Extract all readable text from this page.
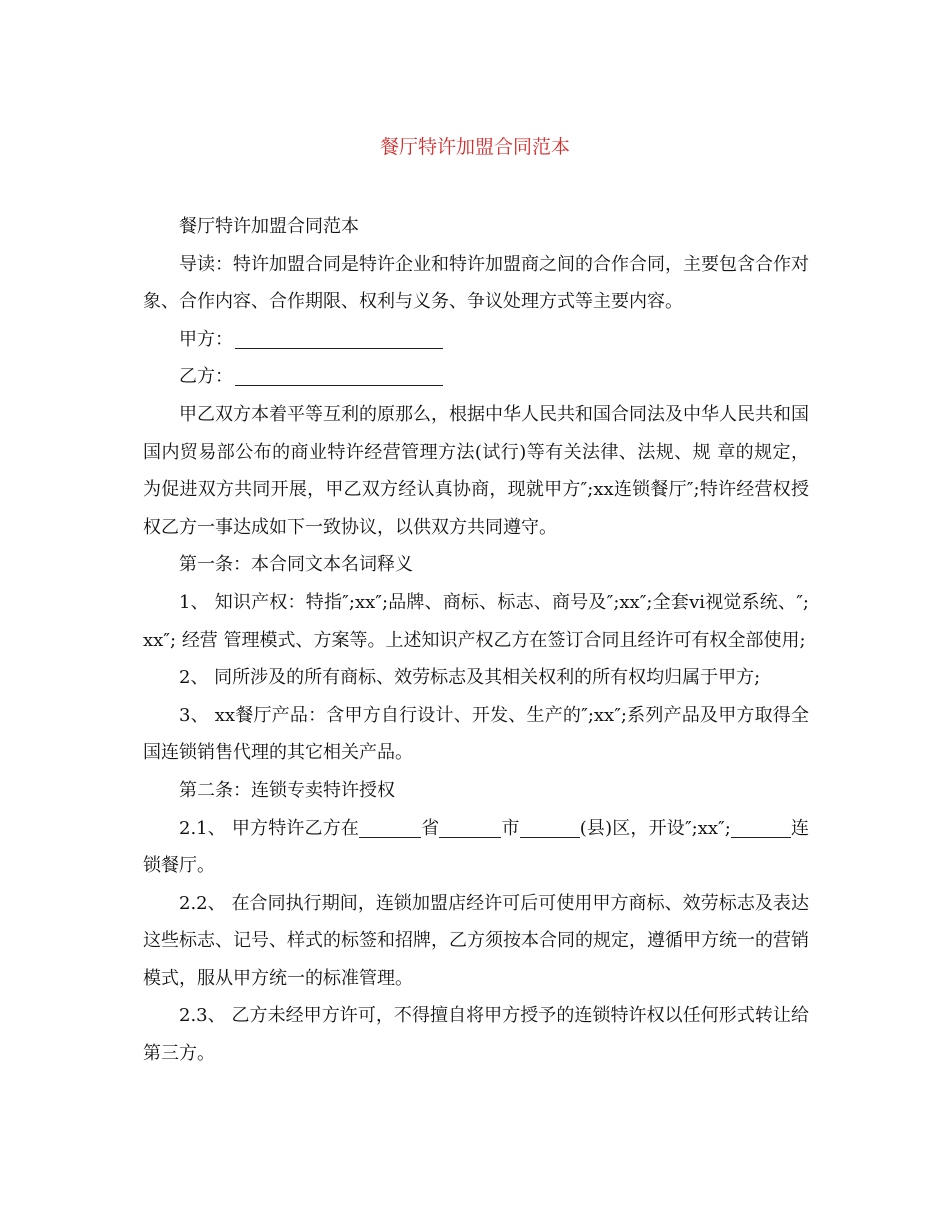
餐厅特许加盟合同范本

餐厅特许加盟合同范本

导读：特许加盟合同是特许企业和特许加盟商之间的合作合同，主要包含合作对象、合作内容、合作期限、权利与义务、争议处理方式等主要内容。

甲方：

乙方：

甲乙双方本着平等互利的原那么，根据中华人民共和国合同法及中华人民共和国国内贸易部公布的商业特许经营管理方法(试行)等有关法律、法规、规 章的规定，为促进双方共同开展，甲乙双方经认真协商，现就甲方″;xx连锁餐厅″;特许经营权授权乙方一事达成如下一致协议，以供双方共同遵守。

第一条：本合同文本名词释义

1、 知识产权：特指″;xx″;品牌、商标、标志、商号及″;xx″;全套vi视觉系统、″;xx″; 经营 管理模式、方案等。上述知识产权乙方在签订合同且经许可有权全部使用;

2、 同所涉及的所有商标、效劳标志及其相关权利的所有权均归属于甲方;

3、 xx餐厅产品：含甲方自行设计、开发、生产的″;xx″;系列产品及甲方取得全国连锁销售代理的其它相关产品。

第二条：连锁专卖特许授权

2.1、 甲方特许乙方在	省	市	(县)区，开设″;xx″;	连锁餐厅。

2.2、 在合同执行期间，连锁加盟店经许可后可使用甲方商标、效劳标志及表达这些标志、记号、样式的标签和招牌，乙方须按本合同的规定，遵循甲方统一的营销模式，服从甲方统一的标准管理。

2.3、 乙方未经甲方许可，不得擅自将甲方授予的连锁特许权以任何形式转让给第三方。
